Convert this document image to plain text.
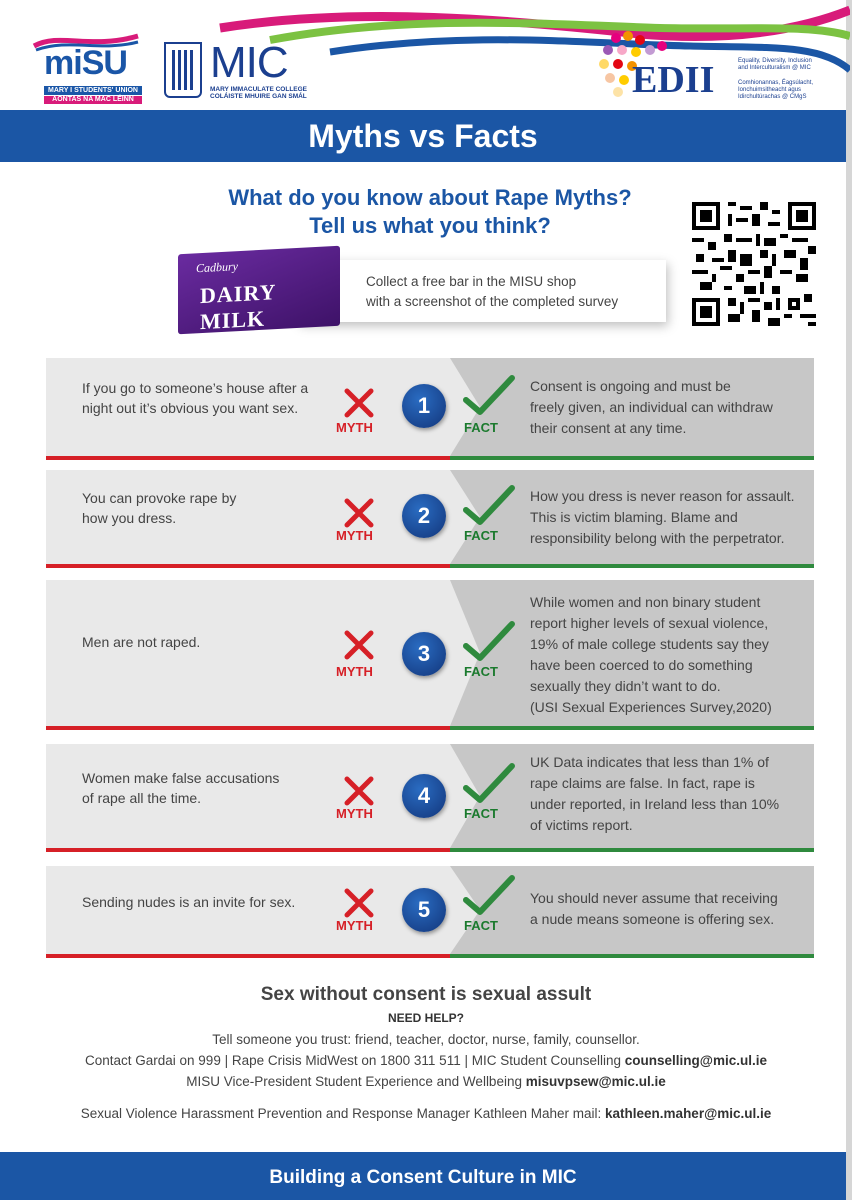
miSU
MARY I STUDENTS' UNION
AONTAS NA MAC LÉINN
MIC
MARY IMMACULATE COLLEGE
COLÁISTE MHUIRE GAN SMÁL	EDII	Equality, Diversity, Inclusion and Interculturalism @ MIC
Comhionannas, Éagsúlacht, Ionchuimsitheacht agus Idirchultúrachas @ CMgS
Myths vs Facts
What do you know about Rape Myths?
Tell us what you think?
Cadbury
DAIRY MILK
Collect a free bar in the MISU shop
with a screenshot of the completed survey
If you go to someone’s house after a
night out it’s obvious you want sex.
MYTH
1
FACT
Consent is ongoing and must be
freely given, an individual can withdraw
their consent at any time.
You can provoke rape by
how you dress.
MYTH
2
FACT
How you dress is never reason for assault.
This is victim blaming. Blame and
responsibility belong with the perpetrator.
Men are not raped.
MYTH
3
FACT
While women and non binary student
report higher levels of sexual violence,
19% of male college students say they
have been coerced to do something
sexually they didn’t want to do.
(USI Sexual Experiences Survey,2020)
Women make false accusations
of rape all the time.
MYTH
4
FACT
UK Data indicates that less than 1% of
rape claims are false. In fact, rape is
under reported, in Ireland less than 10%
of victims report.
Sending nudes is an invite for sex.
MYTH
5
FACT
You should never assume that receiving
a nude means someone is offering sex.
Sex without consent is sexual assult
NEED HELP?
Tell someone you trust: friend, teacher, doctor, nurse, family, counsellor.
Contact Gardai on 999 | Rape Crisis MidWest on 1800 311 511 | MIC Student Counselling counselling@mic.ul.ie
MISU Vice-President Student Experience and Wellbeing misuvpsew@mic.ul.ie
Sexual Violence Harassment Prevention and Response Manager Kathleen Maher mail: kathleen.maher@mic.ul.ie
Building a Consent Culture in MIC
